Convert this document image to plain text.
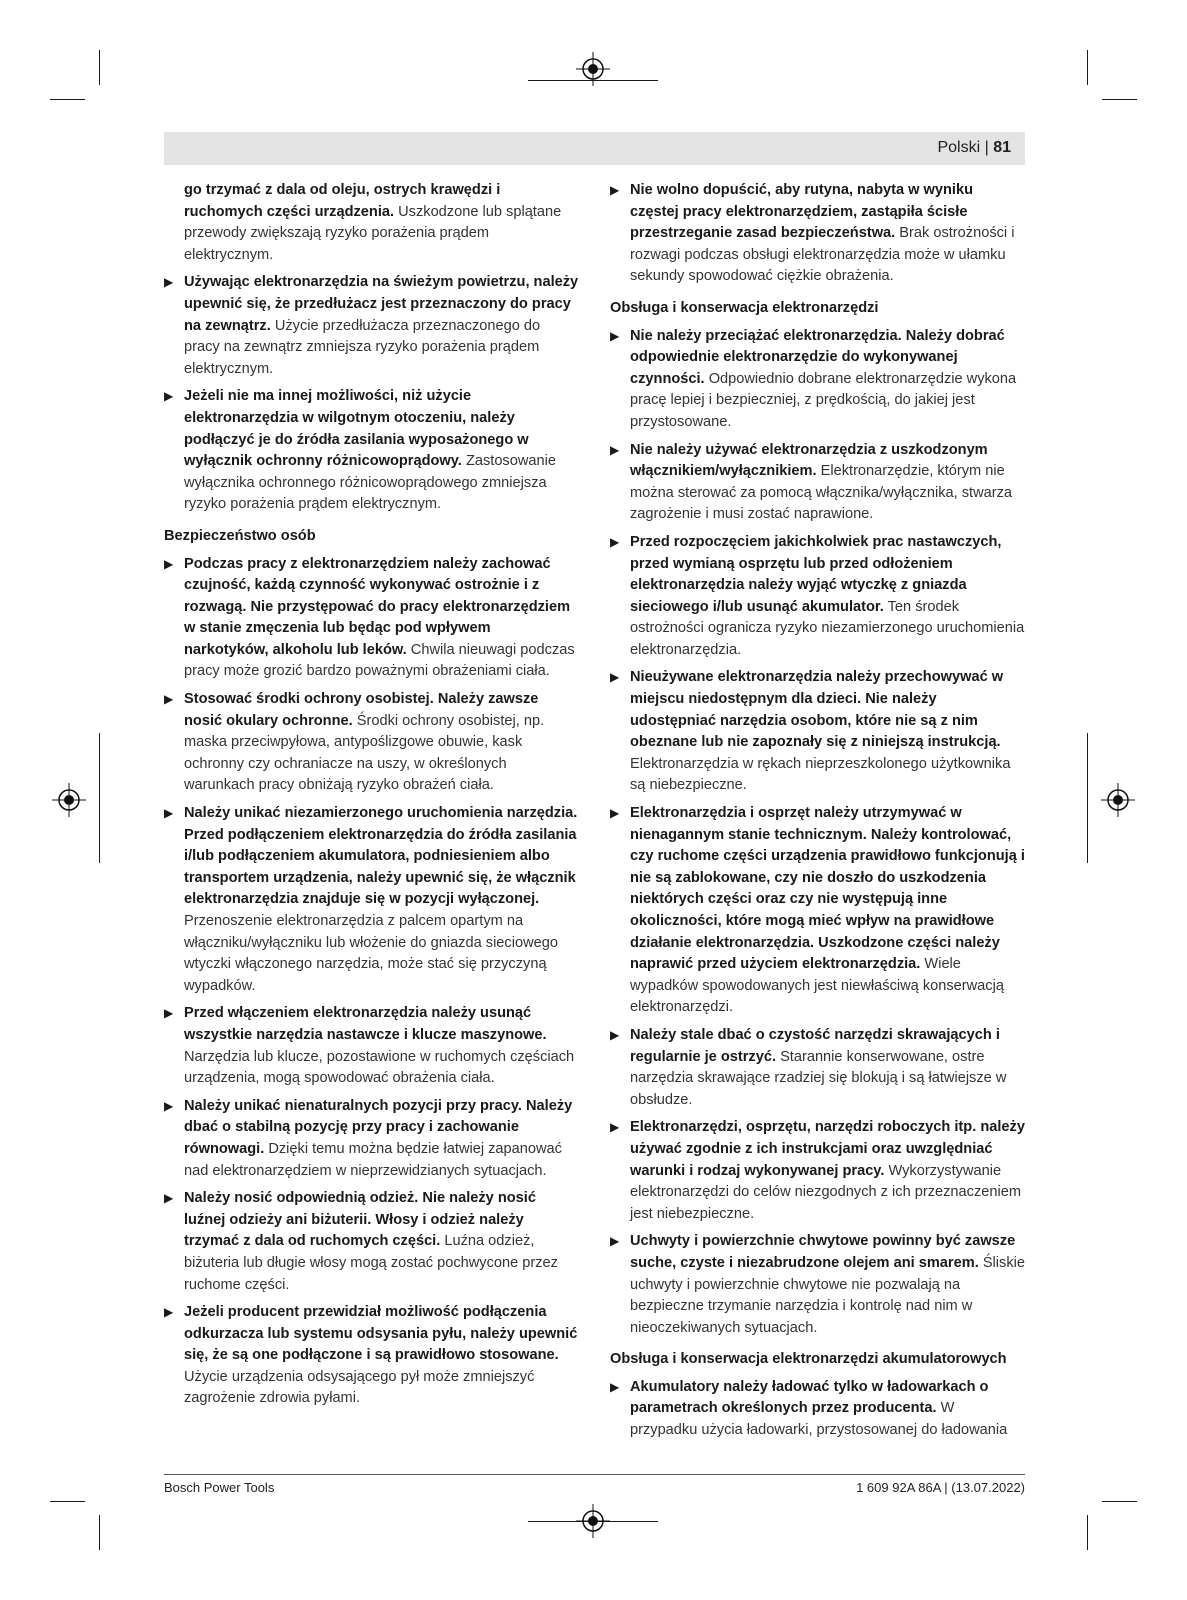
Polski | 81

go trzymać z dala od oleju, ostrych krawędzi i ruchomych części urządzenia. Uszkodzone lub splątane przewody zwiększają ryzyko porażenia prądem elektrycznym.

▶ Używając elektronarzędzia na świeżym powietrzu, należy upewnić się, że przedłużacz jest przeznaczony do pracy na zewnątrz. Użycie przedłużacza przeznaczonego do pracy na zewnątrz zmniejsza ryzyko porażenia prądem elektrycznym.

▶ Jeżeli nie ma innej możliwości, niż użycie elektronarzędzia w wilgotnym otoczeniu, należy podłączyć je do źródła zasilania wyposażonego w wyłącznik ochronny różnicowoprądowy. Zastosowanie wyłącznika ochronnego różnicowoprądowego zmniejsza ryzyko porażenia prądem elektrycznym.

Bezpieczeństwo osób

▶ Podczas pracy z elektronarzędziem należy zachować czujność, każdą czynność wykonywać ostrożnie i z rozwagą. Nie przystępować do pracy elektronarzędziem w stanie zmęczenia lub będąc pod wpływem narkotyków, alkoholu lub leków. Chwila nieuwagi podczas pracy może grozić bardzo poważnymi obrażeniami ciała.

▶ Stosować środki ochrony osobistej. Należy zawsze nosić okulary ochronne. Środki ochrony osobistej, np. maska przeciwpyłowa, antypoślizgowe obuwie, kask ochronny czy ochraniacze na uszy, w określonych warunkach pracy obniżają ryzyko obrażeń ciała.

▶ Należy unikać niezamierzonego uruchomienia narzędzia. Przed podłączeniem elektronarzędzia do źródła zasilania i/lub podłączeniem akumulatora, podniesieniem albo transportem urządzenia, należy upewnić się, że włącznik elektronarzędzia znajduje się w pozycji wyłączonej. Przenoszenie elektronarzędzia z palcem opartym na włączniku/wyłączniku lub włożenie do gniazda sieciowego wtyczki włączonego narzędzia, może stać się przyczyną wypadków.

▶ Przed włączeniem elektronarzędzia należy usunąć wszystkie narzędzia nastawcze i klucze maszynowe. Narzędzia lub klucze, pozostawione w ruchomych częściach urządzenia, mogą spowodować obrażenia ciała.

▶ Należy unikać nienaturalnych pozycji przy pracy. Należy dbać o stabilną pozycję przy pracy i zachowanie równowagi. Dzięki temu można będzie łatwiej zapanować nad elektronarzędziem w nieprzewidzianych sytuacjach.

▶ Należy nosić odpowiednią odzież. Nie należy nosić luźnej odzieży ani biżuterii. Włosy i odzież należy trzymać z dala od ruchomych części. Luźna odzież, biżuteria lub długie włosy mogą zostać pochwycone przez ruchome części.

▶ Jeżeli producent przewidział możliwość podłączenia odkurzacza lub systemu odsysania pyłu, należy upewnić się, że są one podłączone i są prawidłowo stosowane. Użycie urządzenia odsysającego pył może zmniejszyć zagrożenie zdrowia pyłami.

▶ Nie wolno dopuścić, aby rutyna, nabyta w wyniku częstej pracy elektronarzędziem, zastąpiła ścisłe przestrzeganie zasad bezpieczeństwa. Brak ostrożności i rozwagi podczas obsługi elektronarzędzia może w ułamku sekundy spowodować ciężkie obrażenia.

Obsługa i konserwacja elektronarzędzi

▶ Nie należy przeciążać elektronarzędzia. Należy dobrać odpowiednie elektronarzędzie do wykonywanej czynności. Odpowiednio dobrane elektronarzędzie wykona pracę lepiej i bezpieczniej, z prędkością, do jakiej jest przystosowane.

▶ Nie należy używać elektronarzędzia z uszkodzonym włącznikiem/wyłącznikiem. Elektronarzędzie, którym nie można sterować za pomocą włącznika/wyłącznika, stwarza zagrożenie i musi zostać naprawione.

▶ Przed rozpoczęciem jakichkolwiek prac nastawczych, przed wymianą osprzętu lub przed odłożeniem elektronarzędzia należy wyjąć wtyczkę z gniazda sieciowego i/lub usunąć akumulator. Ten środek ostrożności ogranicza ryzyko niezamierzonego uruchomienia elektronarzędzia.

▶ Nieużywane elektronarzędzia należy przechowywać w miejscu niedostępnym dla dzieci. Nie należy udostępniać narzędzia osobom, które nie są z nim obeznane lub nie zapoznały się z niniejszą instrukcją. Elektronarzędzia w rękach nieprzeszkolonego użytkownika są niebezpieczne.

▶ Elektronarzędzia i osprzęt należy utrzymywać w nienagannym stanie technicznym. Należy kontrolować, czy ruchome części urządzenia prawidłowo funkcjonują i nie są zablokowane, czy nie doszło do uszkodzenia niektórych części oraz czy nie występują inne okoliczności, które mogą mieć wpływ na prawidłowe działanie elektronarzędzia. Uszkodzone części należy naprawić przed użyciem elektronarzędzia. Wiele wypadków spowodowanych jest niewłaściwą konserwacją elektronarzędzi.

▶ Należy stale dbać o czystość narzędzi skrawających i regularnie je ostrzyć. Starannie konserwowane, ostre narzędzia skrawające rzadziej się blokują i są łatwiejsze w obsłudze.

▶ Elektronarzędzi, osprzętu, narzędzi roboczych itp. należy używać zgodnie z ich instrukcjami oraz uwzględniać warunki i rodzaj wykonywanej pracy. Wykorzystywanie elektronarzędzi do celów niezgodnych z ich przeznaczeniem jest niebezpieczne.

▶ Uchwyty i powierzchnie chwytowe powinny być zawsze suche, czyste i niezabrudzone olejem ani smarem. Śliskie uchwyty i powierzchnie chwytowe nie pozwalają na bezpieczne trzymanie narzędzia i kontrolę nad nim w nieoczekiwanych sytuacjach.

Obsługa i konserwacja elektronarzędzi akumulatorowych

▶ Akumulatory należy ładować tylko w ładowarkach o parametrach określonych przez producenta. W przypadku użycia ładowarki, przystosowanej do ładowania

Bosch Power Tools	1 609 92A 86A | (13.07.2022)
